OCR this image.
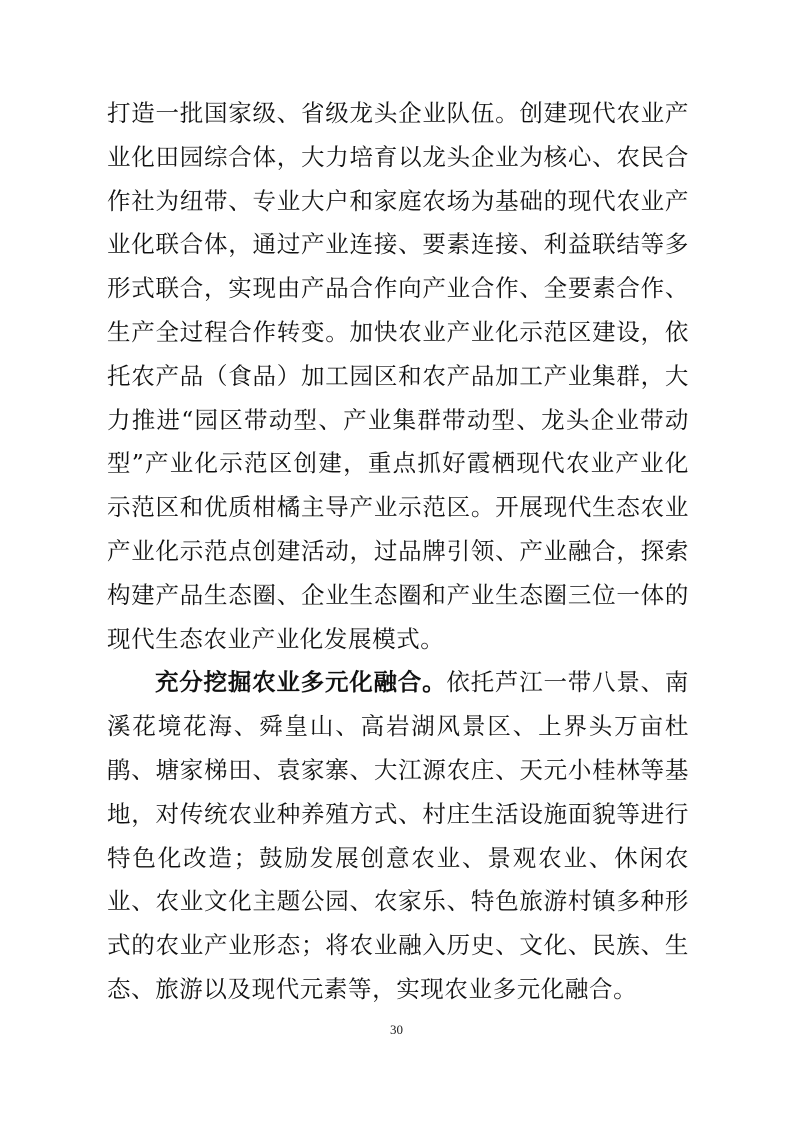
打造一批国家级、省级龙头企业队伍。创建现代农业产业化田园综合体，大力培育以龙头企业为核心、农民合作社为纽带、专业大户和家庭农场为基础的现代农业产业化联合体，通过产业连接、要素连接、利益联结等多形式联合，实现由产品合作向产业合作、全要素合作、生产全过程合作转变。加快农业产业化示范区建设，依托农产品（食品）加工园区和农产品加工产业集群，大力推进“园区带动型、产业集群带动型、龙头企业带动型”产业化示范区创建，重点抓好霞栖现代农业产业化示范区和优质柑橘主导产业示范区。开展现代生态农业产业化示范点创建活动，过品牌引领、产业融合，探索构建产品生态圈、企业生态圈和产业生态圈三位一体的现代生态农业产业化发展模式。

充分挖掘农业多元化融合。依托芦江一带八景、南溪花境花海、舜皇山、高岩湖风景区、上界头万亩杜鹃、塘家梯田、袁家寨、大江源农庄、天元小桂林等基地，对传统农业种养殖方式、村庄生活设施面貌等进行特色化改造；鼓励发展创意农业、景观农业、休闲农业、农业文化主题公园、农家乐、特色旅游村镇多种形式的农业产业形态；将农业融入历史、文化、民族、生态、旅游以及现代元素等，实现农业多元化融合。

30
